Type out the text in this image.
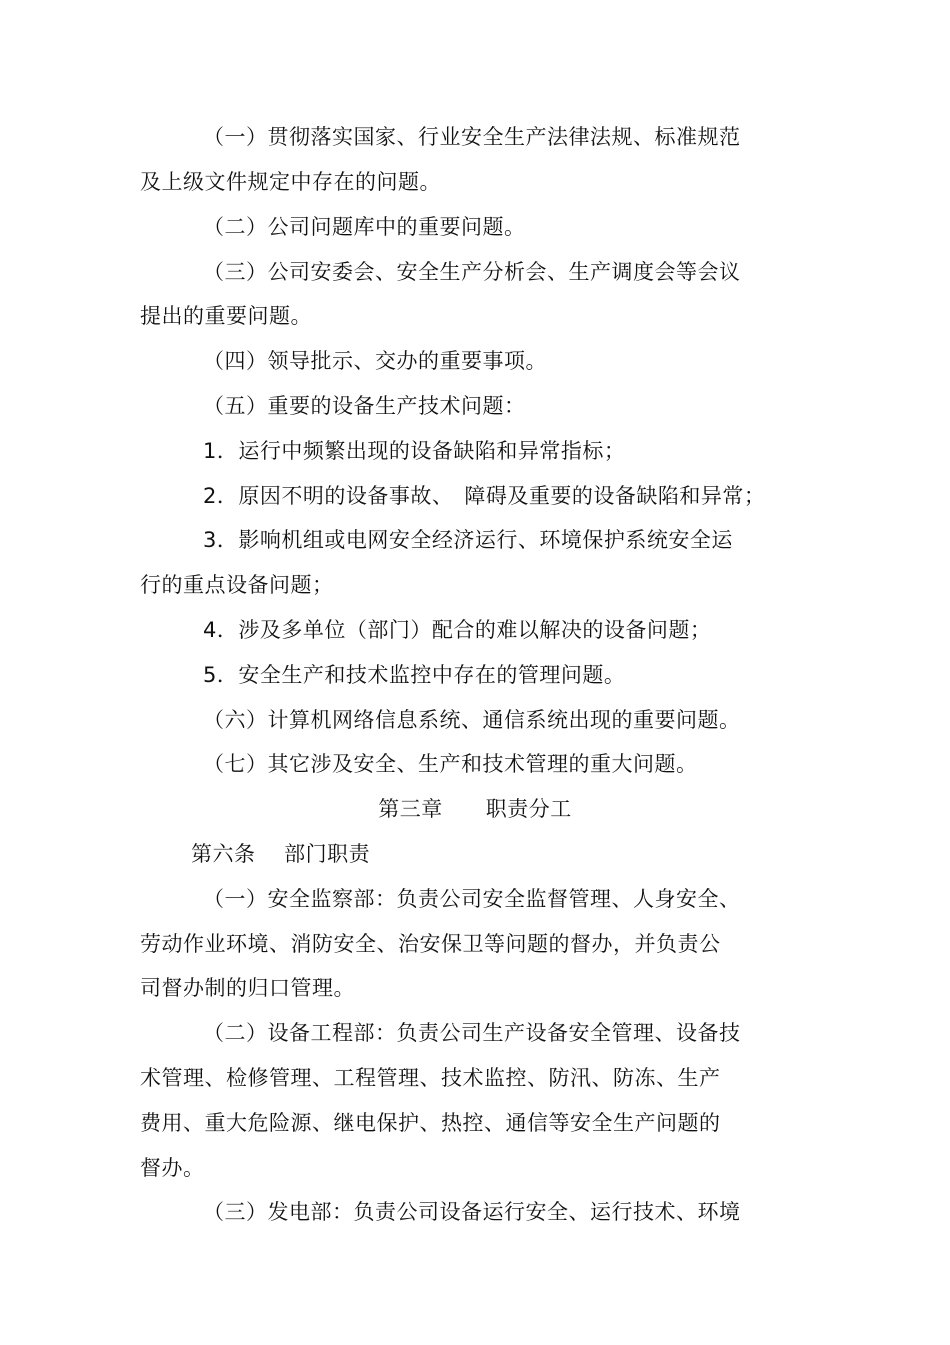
（一）贯彻落实国家、行业安全生产法律法规、标准规范
及上级文件规定中存在的问题。
（二）公司问题库中的重要问题。
（三）公司安委会、安全生产分析会、生产调度会等会议
提出的重要问题。
（四）领导批示、交办的重要事项。
（五）重要的设备生产技术问题：
1．运行中频繁出现的设备缺陷和异常指标；
2．原因不明的设备事故、　障碍及重要的设备缺陷和异常；
3．影响机组或电网安全经济运行、环境保护系统安全运
行的重点设备问题；
4．涉及多单位（部门）配合的难以解决的设备问题；
5．安全生产和技术监控中存在的管理问题。
（六）计算机网络信息系统、通信系统出现的重要问题。
（七）其它涉及安全、生产和技术管理的重大问题。
第三章　　职责分工
第六条　 部门职责
（一）安全监察部：负责公司安全监督管理、人身安全、
劳动作业环境、消防安全、治安保卫等问题的督办，并负责公
司督办制的归口管理。
（二）设备工程部：负责公司生产设备安全管理、设备技
术管理、检修管理、工程管理、技术监控、防汛、防冻、生产
费用、重大危险源、继电保护、热控、通信等安全生产问题的
督办。
（三）发电部：负责公司设备运行安全、运行技术、环境
